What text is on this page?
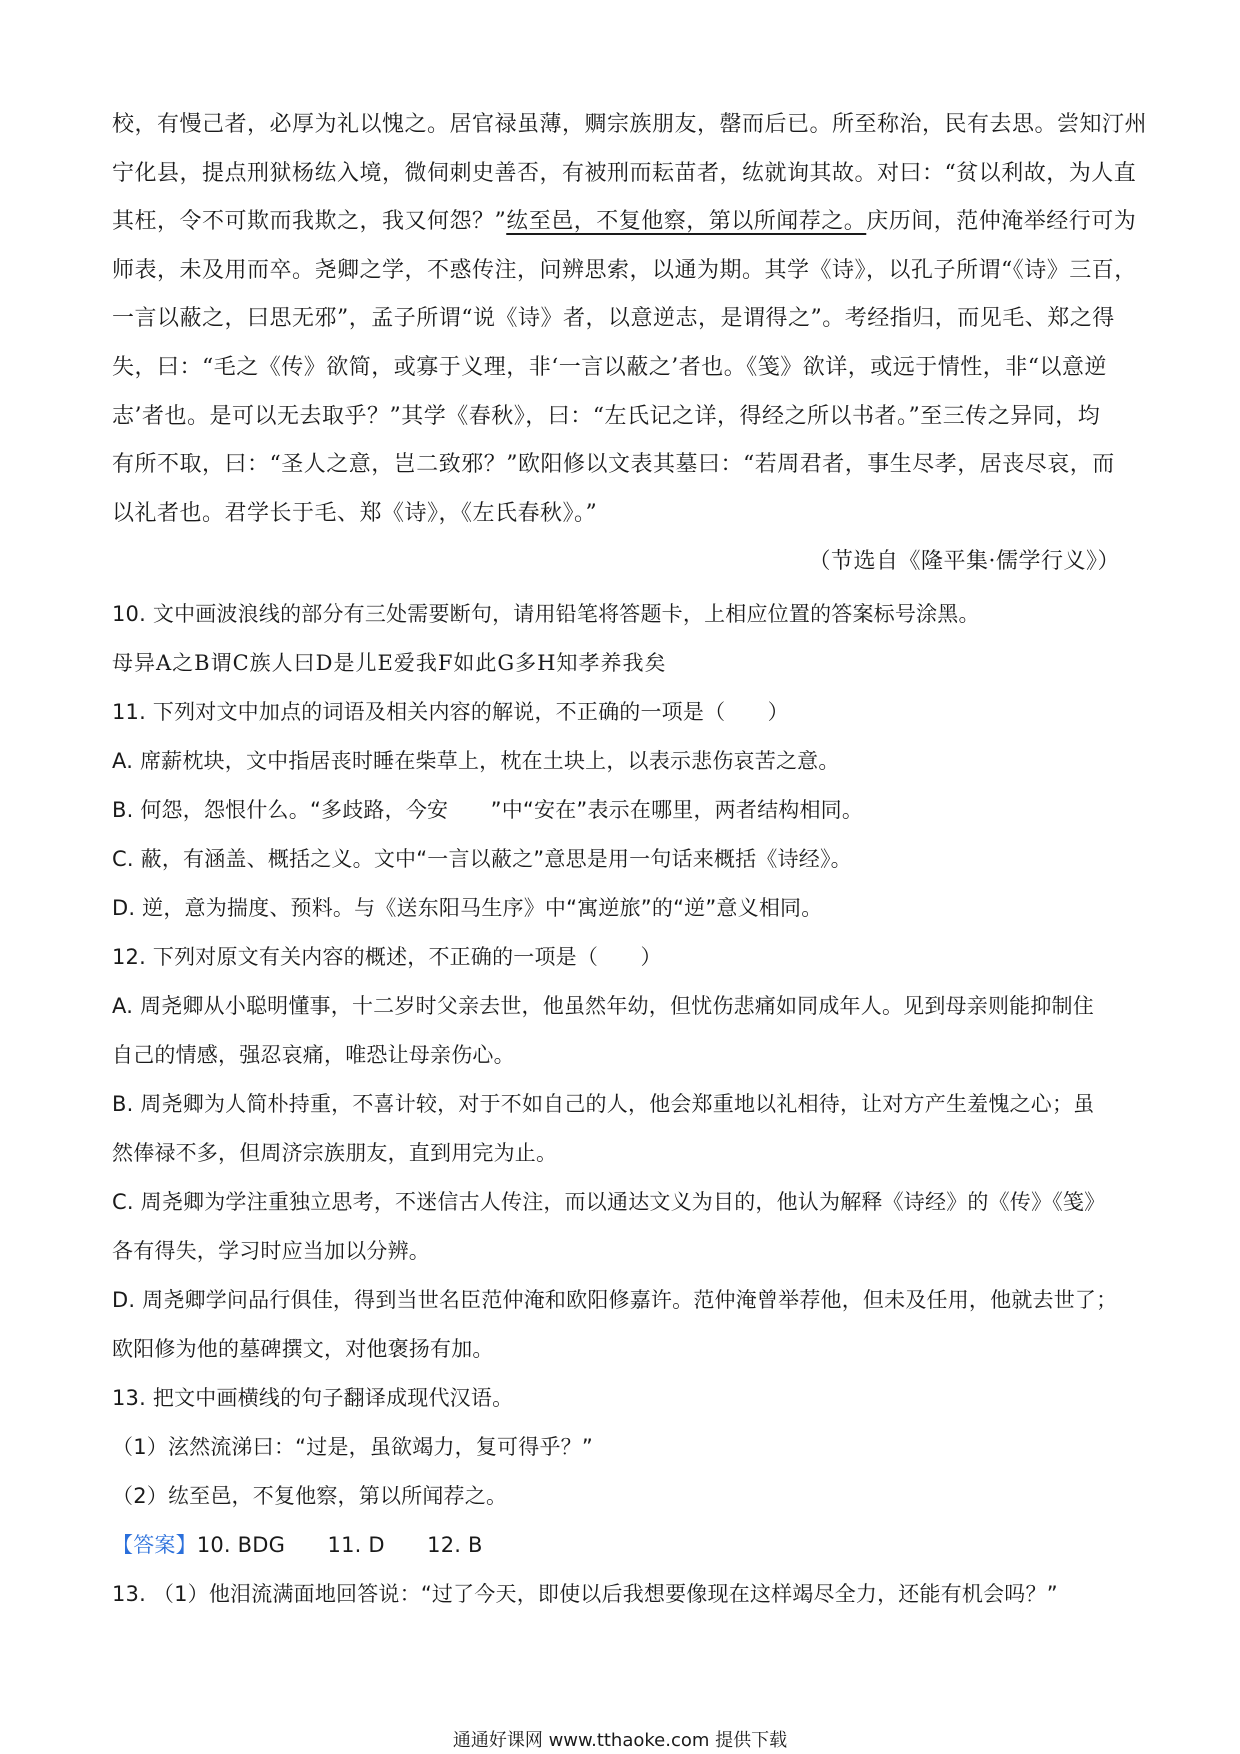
校，有慢己者，必厚为礼以愧之。居官禄虽薄，赒宗族朋友，罄而后已。所至称治，民有去思。尝知汀州
宁化县，提点刑狱杨纮入境，微伺刺史善否，有被刑而耘苗者，纮就询其故。对曰：“贫以利故，为人直
其枉，令不可欺而我欺之，我又何怨？”纮至邑，不复他察，第以所闻荐之。庆历间，范仲淹举经行可为
师表，未及用而卒。尧卿之学，不惑传注，问辨思索，以通为期。其学《诗》，以孔子所谓“《诗》三百，
一言以蔽之，曰思无邪”，孟子所谓“说《诗》者，以意逆志，是谓得之”。考经指归，而见毛、郑之得
失，曰：“毛之《传》欲简，或寡于义理，非‘一言以蔽之’者也。《笺》欲详，或远于情性，非“以意逆
志’者也。是可以无去取乎？”其学《春秋》，曰：“左氏记之详，得经之所以书者。”至三传之异同，均
有所不取，曰：“圣人之意，岂二致邪？”欧阳修以文表其墓曰：“若周君者，事生尽孝，居丧尽哀，而
以礼者也。君学长于毛、郑《诗》，《左氏春秋》。”
（节选自《隆平集·儒学行义》）
10. 文中画波浪线的部分有三处需要断句，请用铅笔将答题卡，上相应位置的答案标号涂黑。
母异A之B谓C族人曰D是儿E爱我F如此G多H知孝养我矣
11. 下列对文中加点的词语及相关内容的解说，不正确的一项是（　　）
A. 席薪枕块，文中指居丧时睡在柴草上，枕在土块上，以表示悲伤哀苦之意。
B. 何怨，怨恨什么。“多歧路，今安　　”中“安在”表示在哪里，两者结构相同。
C. 蔽，有涵盖、概括之义。文中“一言以蔽之”意思是用一句话来概括《诗经》。
D. 逆，意为揣度、预料。与《送东阳马生序》中“寓逆旅”的“逆”意义相同。
12. 下列对原文有关内容的概述，不正确的一项是（　　）
A. 周尧卿从小聪明懂事，十二岁时父亲去世，他虽然年幼，但忧伤悲痛如同成年人。见到母亲则能抑制住
自己的情感，强忍哀痛，唯恐让母亲伤心。
B. 周尧卿为人简朴持重，不喜计较，对于不如自己的人，他会郑重地以礼相待，让对方产生羞愧之心；虽
然俸禄不多，但周济宗族朋友，直到用完为止。
C. 周尧卿为学注重独立思考，不迷信古人传注，而以通达文义为目的，他认为解释《诗经》的《传》《笺》
各有得失，学习时应当加以分辨。
D. 周尧卿学问品行俱佳，得到当世名臣范仲淹和欧阳修嘉许。范仲淹曾举荐他，但未及任用，他就去世了；
欧阳修为他的墓碑撰文，对他褒扬有加。
13. 把文中画横线的句子翻译成现代汉语。
（1）泫然流涕曰：“过是，虽欲竭力，复可得乎？”
（2）纮至邑，不复他察，第以所闻荐之。
【答案】10. BDG　　11. D　　12. B
13. （1）他泪流满面地回答说：“过了今天，即使以后我想要像现在这样竭尽全力，还能有机会吗？”
通通好课网 www.tthaoke.com 提供下载
